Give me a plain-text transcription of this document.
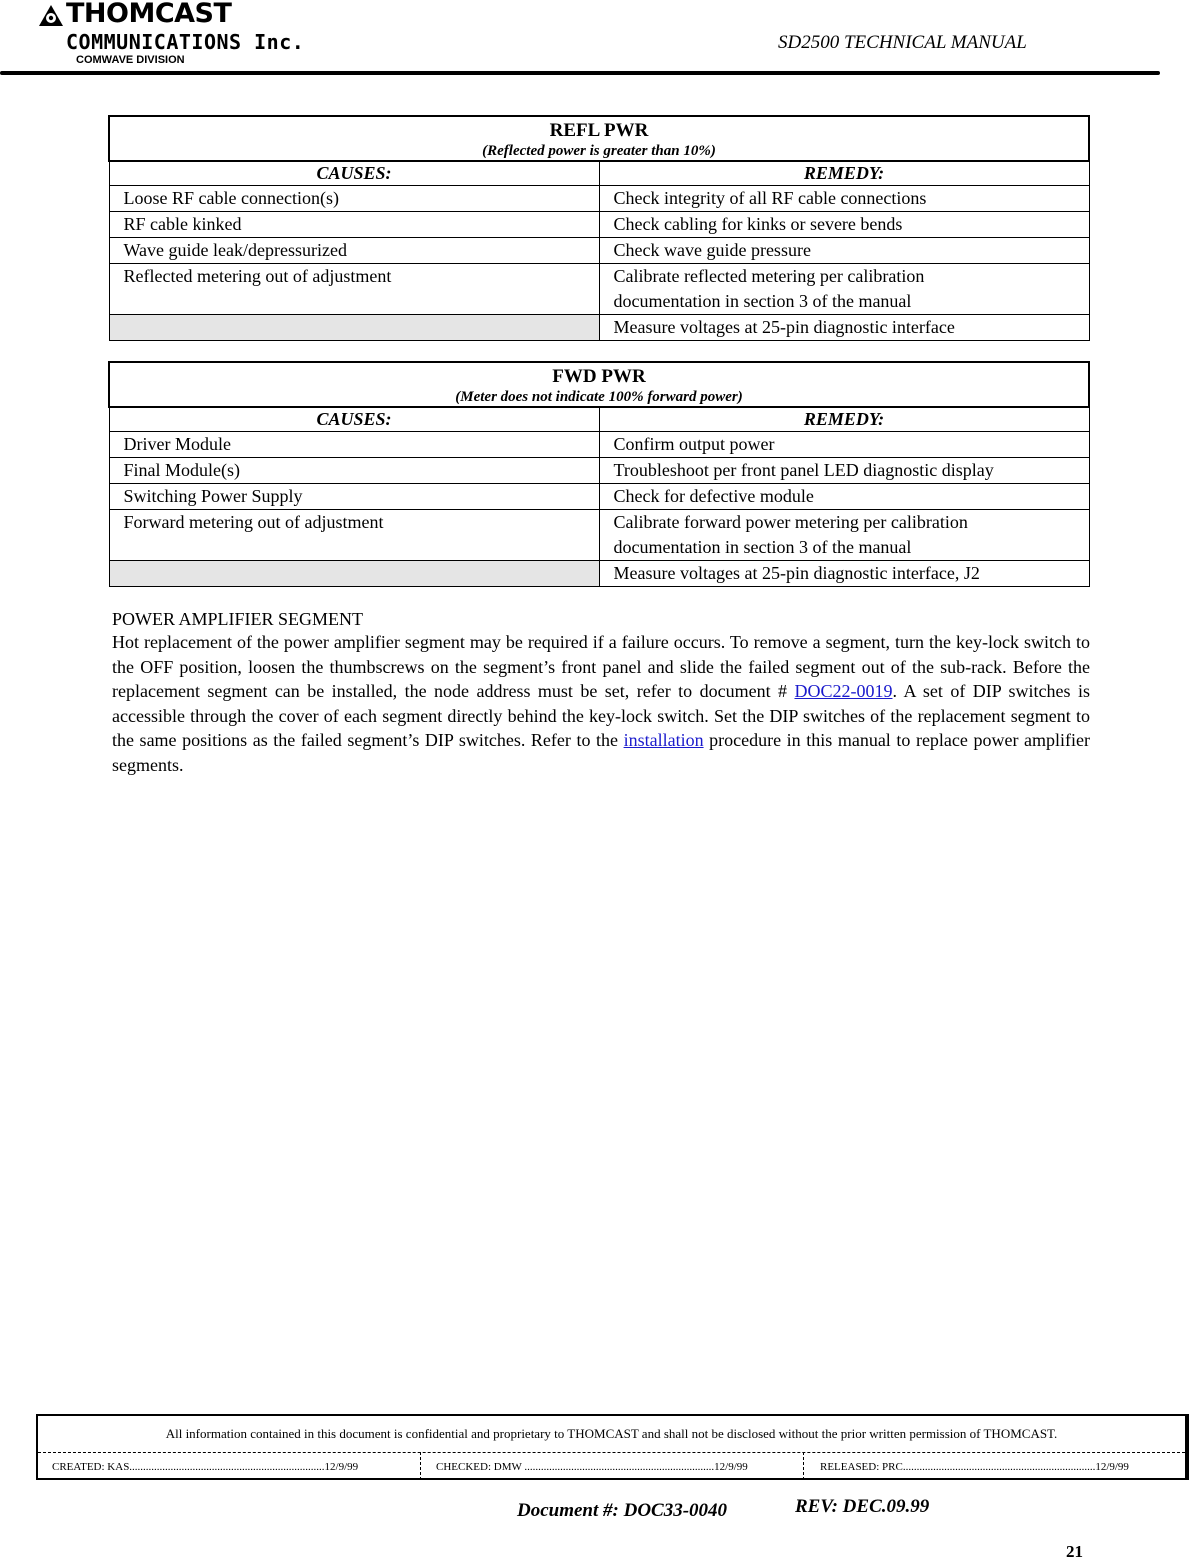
THOMCAST
COMMUNICATIONS Inc.
COMWAVE DIVISION
SD2500 TECHNICAL MANUAL
REFL PWR
(Reflected power is greater than 10%)	

CAUSES:	REMEDY:
Loose RF cable connection(s)	Check integrity of all RF cable connections
RF cable kinked	Check cabling for kinks or severe bends
Wave guide leak/depressurized	Check wave guide pressure
Reflected metering out of adjustment	Calibrate reflected metering per calibration documentation in section 3 of the manual
	Measure voltages at 25-pin diagnostic interface
FWD PWR
(Meter does not indicate 100% forward power)	

CAUSES:	REMEDY:
Driver Module	Confirm output power
Final Module(s)	Troubleshoot per front panel LED diagnostic display
Switching Power Supply	Check for defective module
Forward metering out of adjustment	Calibrate forward power metering per calibration documentation in section 3 of the manual
	Measure voltages at 25-pin diagnostic interface, J2
POWER AMPLIFIER SEGMENT
Hot replacement of the power amplifier segment may be required if a failure occurs. To remove a segment, turn the key-lock switch to the OFF position, loosen the thumbscrews on the segment’s front panel and slide the failed segment out of the sub-rack. Before the replacement segment can be installed, the node address must be set, refer to document # DOC22-0019. A set of DIP switches is accessible through the cover of each segment directly behind the key-lock switch. Set the DIP switches of the replacement segment to the same positions as the failed segment’s DIP switches. Refer to the installation procedure in this manual to replace power amplifier segments.
All information contained in this document is confidential and proprietary to THOMCAST and shall not be disclosed without the prior written permission of THOMCAST.
CREATED: KAS.......................................................................12/9/99	CHECKED: DMW .....................................................................12/9/99	RELEASED: PRC......................................................................12/9/99
Document #: DOC33-0040	REV: DEC.09.99
21
